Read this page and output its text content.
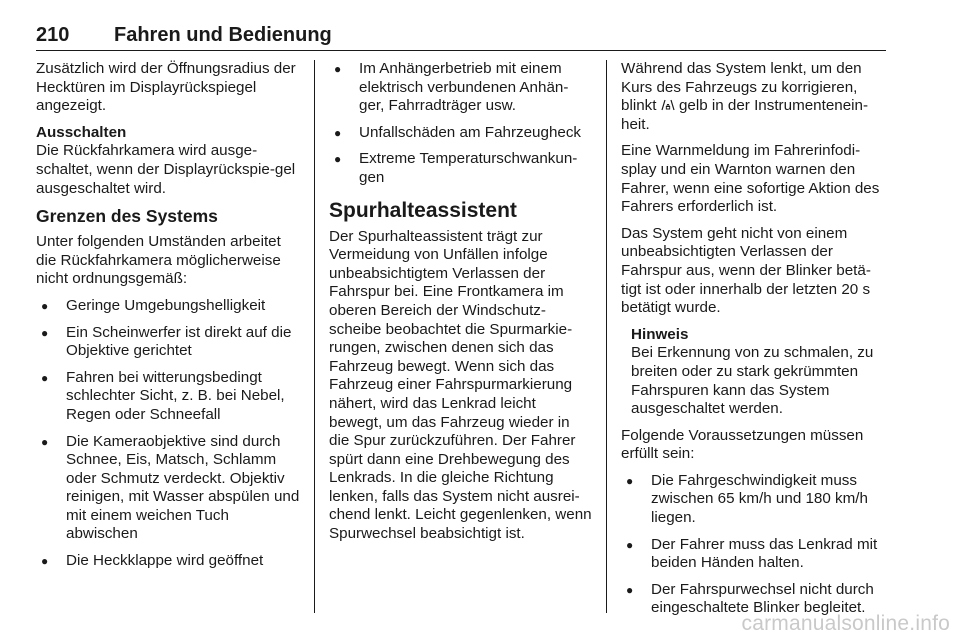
210 Fahren und Bedienung

Zusätzlich wird der Öffnungsradius der Hecktüren im Displayrückspiegel angezeigt.

Ausschalten

Die Rückfahrkamera wird ausge-schaltet, wenn der Displayrückspie-gel ausgeschaltet wird.

Grenzen des Systems

Unter folgenden Umständen arbeitet die Rückfahrkamera möglicherweise nicht ordnungsgemäß:

● Geringe Umgebungshelligkeit
● Ein Scheinwerfer ist direkt auf die Objektive gerichtet
● Fahren bei witterungsbedingt schlechter Sicht, z. B. bei Nebel, Regen oder Schneefall
● Die Kameraobjektive sind durch Schnee, Eis, Matsch, Schlamm oder Schmutz verdeckt. Objektiv reinigen, mit Wasser abspülen und mit einem weichen Tuch abwischen
● Die Heckklappe wird geöffnet
● Im Anhängerbetrieb mit einem elektrisch verbundenen Anhän-ger, Fahrradträger usw.
● Unfallschäden am Fahrzeugheck
● Extreme Temperaturschwankun-gen
Spurhalteassistent

Der Spurhalteassistent trägt zur Vermeidung von Unfällen infolge unbeabsichtigtem Verlassen der Fahrspur bei. Eine Frontkamera im oberen Bereich der Windschutz-scheibe beobachtet die Spurmarkie-rungen, zwischen denen sich das Fahrzeug bewegt. Wenn sich das Fahrzeug einer Fahrspurmarkierung nähert, wird das Lenkrad leicht bewegt, um das Fahrzeug wieder in die Spur zurückzuführen. Der Fahrer spürt dann eine Drehbewegung des Lenkrads. In die gleiche Richtung lenken, falls das System nicht ausrei-chend lenkt. Leicht gegenlenken, wenn Spurwechsel beabsichtigt ist.

Während das System lenkt, um den Kurs des Fahrzeugs zu korrigieren, blinkt gelb in der Instrumentenein-heit.

Eine Warnmeldung im Fahrerinfodi-splay und ein Warnton warnen den Fahrer, wenn eine sofortige Aktion des Fahrers erforderlich ist.

Das System geht nicht von einem unbeabsichtigten Verlassen der Fahrspur aus, wenn der Blinker betä-tigt ist oder innerhalb der letzten 20 s betätigt wurde.

Hinweis

Bei Erkennung von zu schmalen, zu breiten oder zu stark gekrümmten Fahrspuren kann das System ausgeschaltet werden.

Folgende Voraussetzungen müssen erfüllt sein:

● Die Fahrgeschwindigkeit muss zwischen 65 km/h und 180 km/h liegen.
● Der Fahrer muss das Lenkrad mit beiden Händen halten.
● Der Fahrspurwechsel nicht durch eingeschaltete Blinker begleitet.
carmanualsonline.info
